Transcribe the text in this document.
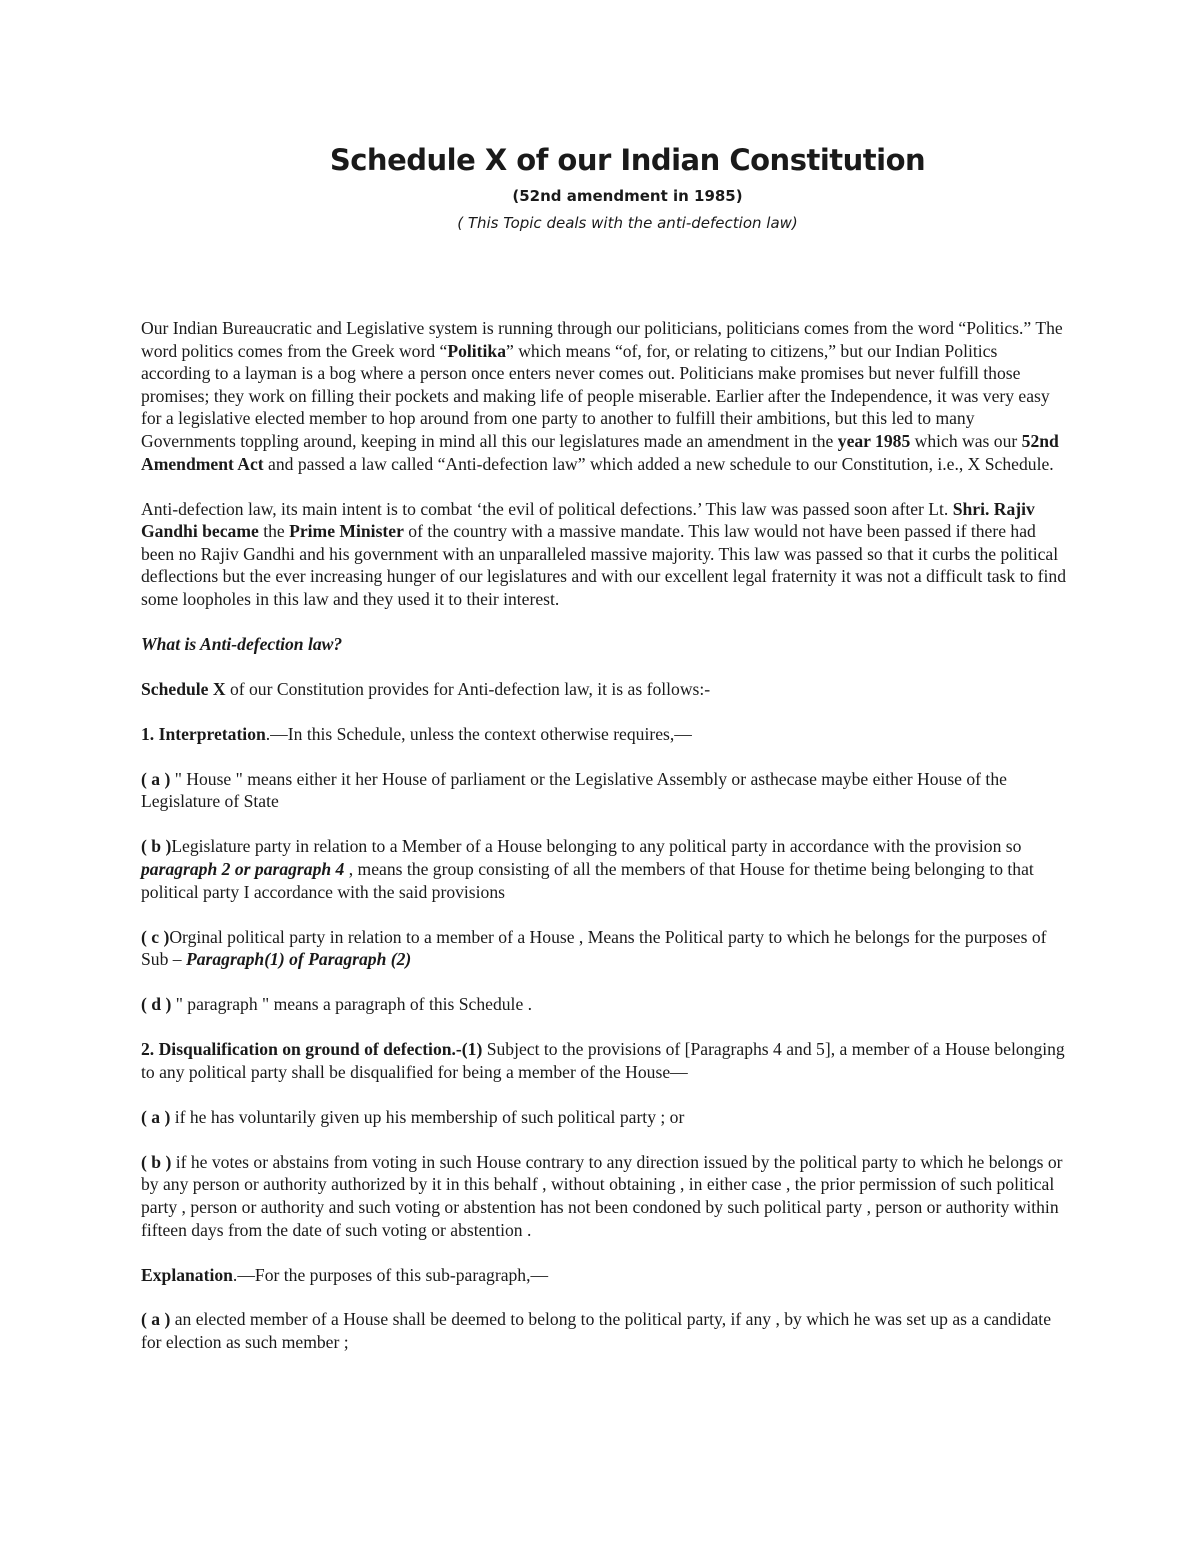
Schedule X of our Indian Constitution
(52nd amendment in 1985)
( This Topic deals with the anti-defection law)

Our Indian Bureaucratic and Legislative system is running through our politicians, politicians comes from the word “Politics.” The word politics comes from the Greek word “Politika” which means “of, for, or relating to citizens,” but our Indian Politics according to a layman is a bog where a person once enters never comes out. Politicians make promises but never fulfill those promises; they work on filling their pockets and making life of people miserable. Earlier after the Independence, it was very easy for a legislative elected member to hop around from one party to another to fulfill their ambitions, but this led to many Governments toppling around, keeping in mind all this our legislatures made an amendment in the year 1985 which was our 52nd Amendment Act and passed a law called “Anti-defection law” which added a new schedule to our Constitution, i.e., X Schedule.

Anti-defection law, its main intent is to combat ‘the evil of political defections.’ This law was passed soon after Lt. Shri. Rajiv Gandhi became the Prime Minister of the country with a massive mandate. This law would not have been passed if there had been no Rajiv Gandhi and his government with an unparalleled massive majority. This law was passed so that it curbs the political deflections but the ever increasing hunger of our legislatures and with our excellent legal fraternity it was not a difficult task to find some loopholes in this law and they used it to their interest.

What is Anti-defection law?

Schedule X of our Constitution provides for Anti-defection law, it is as follows:-

1. Interpretation.—In this Schedule, unless the context otherwise requires,—

( a ) " House " means either it her House of parliament or the Legislative Assembly or asthecase maybe either House of the Legislature of State

( b )Legislature party in relation to a Member of a House belonging to any political party in accordance with the provision so paragraph 2 or paragraph 4 , means the group consisting of all the members of that House for thetime being belonging to that political party I accordance with the said provisions

( c )Orginal political party in relation to a member of a House , Means the Political party to which he belongs for the purposes of Sub – Paragraph(1) of Paragraph (2)

( d ) " paragraph " means a paragraph of this Schedule .

2. Disqualification on ground of defection.-(1) Subject to the provisions of [Paragraphs 4 and 5], a member of a House belonging to any political party shall be disqualified for being a member of the House—

( a ) if he has voluntarily given up his membership of such political party ; or

( b ) if he votes or abstains from voting in such House contrary to any direction issued by the political party to which he belongs or by any person or authority authorized by it in this behalf , without obtaining , in either case , the prior permission of such political party , person or authority and such voting or abstention has not been condoned by such political party , person or authority within fifteen days from the date of such voting or abstention .

Explanation.—For the purposes of this sub-paragraph,—

( a ) an elected member of a House shall be deemed to belong to the political party, if any , by which he was set up as a candidate for election as such member ;
